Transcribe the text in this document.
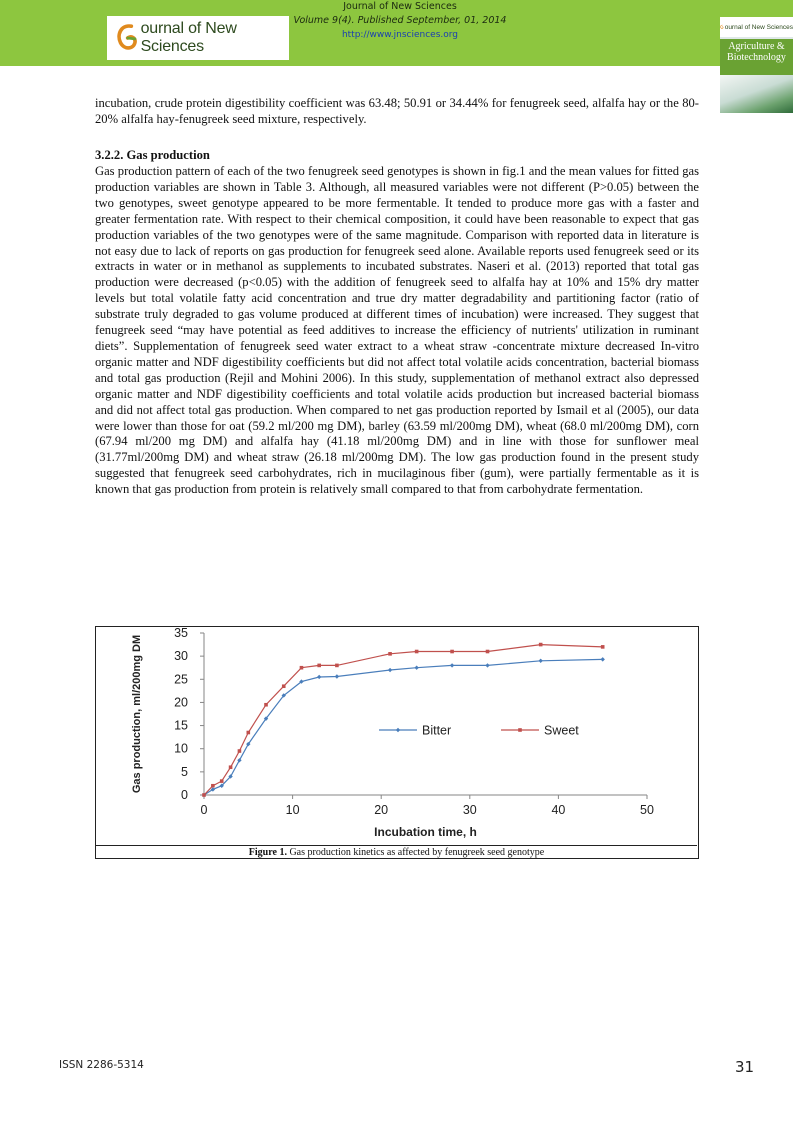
ournal of New Sciences
Journal of New Sciences
Volume 9(4). Published September, 01, 2014
http://www.jnsciences.org
ournal of New Sciences
Agriculture & Biotechnology
incubation, crude protein digestibility coefficient was 63.48; 50.91 or 34.44% for fenugreek seed, alfalfa hay or the 80-20% alfalfa hay-fenugreek seed mixture, respectively.
3.2.2. Gas production
Gas production pattern of each of the two fenugreek seed genotypes is shown in fig.1 and the mean values for fitted gas production variables are shown in Table 3. Although, all measured variables were not different (P>0.05) between the two genotypes, sweet genotype appeared to be more fermentable. It tended to produce more gas with a faster and greater fermentation rate. With respect to their chemical composition, it could have been reasonable to expect that gas production variables of the two genotypes were of the same magnitude. Comparison with reported data in literature is not easy due to lack of reports on gas production for fenugreek seed alone. Available reports used fenugreek seed or its extracts in water or in methanol as supplements to incubated substrates. Naseri et al. (2013) reported that total gas production were decreased (p<0.05) with the addition of fenugreek seed to alfalfa hay at 10% and 15% dry matter levels but total volatile fatty acid concentration and true dry matter degradability and partitioning factor (ratio of substrate truly degraded to gas volume produced at different times of incubation) were increased. They suggest that fenugreek seed “may have potential as feed additives to increase the efficiency of nutrients' utilization in ruminant diets”. Supplementation of fenugreek seed water extract to a wheat straw -concentrate mixture decreased In-vitro organic matter and NDF digestibility coefficients but did not affect total volatile acids concentration, bacterial biomass and total gas production (Rejil and Mohini 2006). In this study, supplementation of methanol extract also depressed organic matter and NDF digestibility coefficients and total volatile acids production but increased bacterial biomass and did not affect total gas production. When compared to net gas production reported by Ismail et al (2005), our data were lower than those for oat (59.2 ml/200 mg DM), barley (63.59 ml/200mg DM), wheat (68.0 ml/200mg DM), corn (67.94 ml/200 mg DM) and alfalfa hay (41.18 ml/200mg DM) and in line with those for sunflower meal (31.77ml/200mg DM) and wheat straw (26.18 ml/200mg DM). The low gas production found in the present study suggested that fenugreek seed carbohydrates, rich in mucilaginous fiber (gum), were partially fermentable as it is known that gas production from protein is relatively small compared to that from carbohydrate fermentation.
0
5
10
15
20
25
30
35
0	10	20	30	40	50
Incubation time, h
Gas production, ml/200mg DM	Bitter	Sweet
Figure 1. Gas production kinetics as affected by fenugreek seed genotype
ISSN 2286-5314	31
